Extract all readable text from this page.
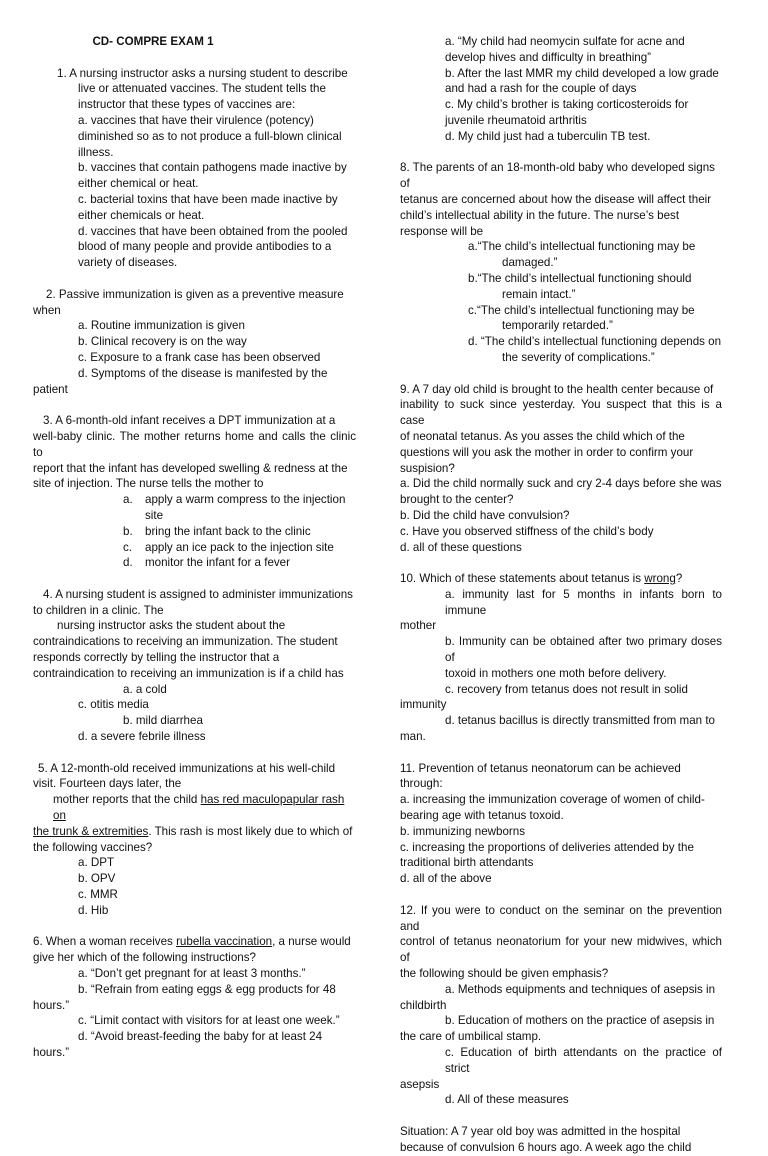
CD- COMPRE EXAM 1

1. A nursing instructor asks a nursing student to describe

live or attenuated vaccines. The student tells the

instructor that these types of vaccines are:

a. vaccines that have their virulence (potency)

diminished so as to not produce a full-blown clinical

illness.

b. vaccines that contain pathogens made inactive by

either chemical or heat.

c. bacterial toxins that have been made inactive by

either chemicals or heat.

d. vaccines that have been obtained from the pooled

blood of many people and provide antibodies to a

variety of diseases.

2. Passive immunization is given as a preventive measure

when

a. Routine immunization is given

b. Clinical recovery is on the way

c. Exposure to a frank case has been observed

d. Symptoms of the disease is manifested by the

patient

3. A 6-month-old infant receives a DPT immunization at a

well-baby clinic. The mother returns home and calls the clinic to

report that the infant has developed swelling & redness at the

site of injection. The nurse tells the mother to

a.	apply a warm compress to the injection
site
b.	bring the infant back to the clinic
c.	apply an ice pack to the injection site
d.	monitor the infant for a fever

4. A nursing student is assigned to administer immunizations

to children in a clinic. The

nursing instructor asks the student about the

contraindications to receiving an immunization. The student

responds correctly by telling the instructor that a

contraindication to receiving an immunization is if a child has

a. a cold

c. otitis media

b. mild diarrhea

d. a severe febrile illness

5. A 12-month-old received immunizations at his well-child

visit. Fourteen days later, the

mother reports that the child has red maculopapular rash on

the trunk & extremities. This rash is most likely due to which of

the following vaccines?

a. DPT

b. OPV

c. MMR

d. Hib

6. When a woman receives rubella vaccination, a nurse would

give her which of the following instructions?

a. “Don’t get pregnant for at least 3 months.”

b. “Refrain from eating eggs & egg products for 48

hours.”

c. “Limit contact with visitors for at least one week.”

d. “Avoid breast-feeding the baby for at least 24

hours.”

a. “My child had neomycin sulfate for acne and

develop hives and difficulty in breathing”

b. After the last MMR my child developed a low grade

and had a rash for the couple of days

c. My child’s brother is taking corticosteroids for

juvenile rheumatoid arthritis

d. My child just had a tuberculin TB test.

8. The parents of an 18-month-old baby who developed signs of

tetanus are concerned about how the disease will affect their

child’s intellectual ability in the future. The nurse’s best

response will be

a.“The child’s intellectual functioning may be

damaged.”

b.“The child’s intellectual functioning should

remain intact.”

c.“The child’s intellectual functioning may be

temporarily retarded.”

d. “The child’s intellectual functioning depends on

the severity of complications.”

9. A 7 day old child is brought to the health center because of

inability to suck since yesterday. You suspect that this is a case

of neonatal tetanus. As you asses the child which of the

questions will you ask the mother in order to confirm your

suspision?

a. Did the child normally suck and cry 2-4 days before she was

brought to the center?

b. Did the child have convulsion?

c. Have you observed stiffness of the child’s body

d. all of these questions

10. Which of these statements about tetanus is wrong?

a. immunity last for 5 months in infants born to immune

mother

b. Immunity can be obtained after two primary doses of

toxoid in mothers one moth before delivery.

c. recovery from tetanus does not result in solid

immunity

d. tetanus bacillus is directly transmitted from man to

man.

11. Prevention of tetanus neonatorum can be achieved through:

a. increasing the immunization coverage of women of child-

bearing age with tetanus toxoid.

b. immunizing newborns

c. increasing the proportions of deliveries attended by the

traditional birth attendants

d. all of the above

12. If you were to conduct on the seminar on the prevention and

control of tetanus neonatorium for your new midwives, which of

the following should be given emphasis?

a. Methods equipments and techniques of asepsis in

childbirth

b. Education of mothers on the practice of asepsis in

the care of umbilical stamp.

c. Education of birth attendants on the practice of strict

asepsis

d. All of these measures

Situation: A 7 year old boy was admitted in the hospital

because of convulsion 6 hours ago. A week ago the child
